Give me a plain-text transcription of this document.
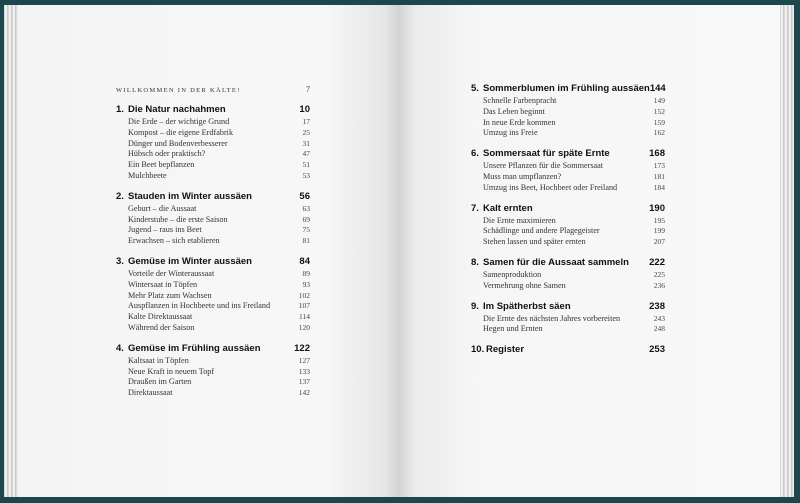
WILLKOMMEN IN DER KÄLTE!	7
1. Die Natur nachahmen	10
Die Erde – der wichtige Grund	17
Kompost – die eigene Erdfabrik	25
Dünger und Bodenverbesserer	31
Hübsch oder praktisch?	47
Ein Beet bepflanzen	51
Mulchbeete	53
2. Stauden im Winter aussäen	56
Geburt – die Aussaat	63
Kinderstube – die erste Saison	69
Jugend – raus ins Beet	75
Erwachsen – sich etablieren	81
3. Gemüse im Winter aussäen	84
Vorteile der Winteraussaat	89
Wintersaat in Töpfen	93
Mehr Platz zum Wachsen	102
Auspflanzen in Hochbeete und ins Freiland	107
Kalte Direktaussaat	114
Während der Saison	120
4. Gemüse im Frühling aussäen	122
Kaltsaat in Töpfen	127
Neue Kraft in neuem Topf	133
Draußen im Garten	137
Direktaussaat	142
5. Sommerblumen im Frühling aussäen 144
Schnelle Farbenpracht	149
Das Leben beginnt	152
In neue Erde kommen	159
Umzug ins Freie	162
6. Sommersaat für späte Ernte	168
Unsere Pflanzen für die Sommersaat	173
Muss man umpflanzen?	181
Umzug ins Beet, Hochbeet oder Freiland	184
7. Kalt ernten	190
Die Ernte maximieren	195
Schädlinge und andere Plagegeister	199
Stehen lassen und später ernten	207
8. Samen für die Aussaat sammeln 222
Samenproduktion	225
Vermehrung ohne Samen	236
9. Im Spätherbst säen	238
Die Ernte des nächsten Jahres vorbereiten	243
Hegen und Ernten	248
10. Register	253
